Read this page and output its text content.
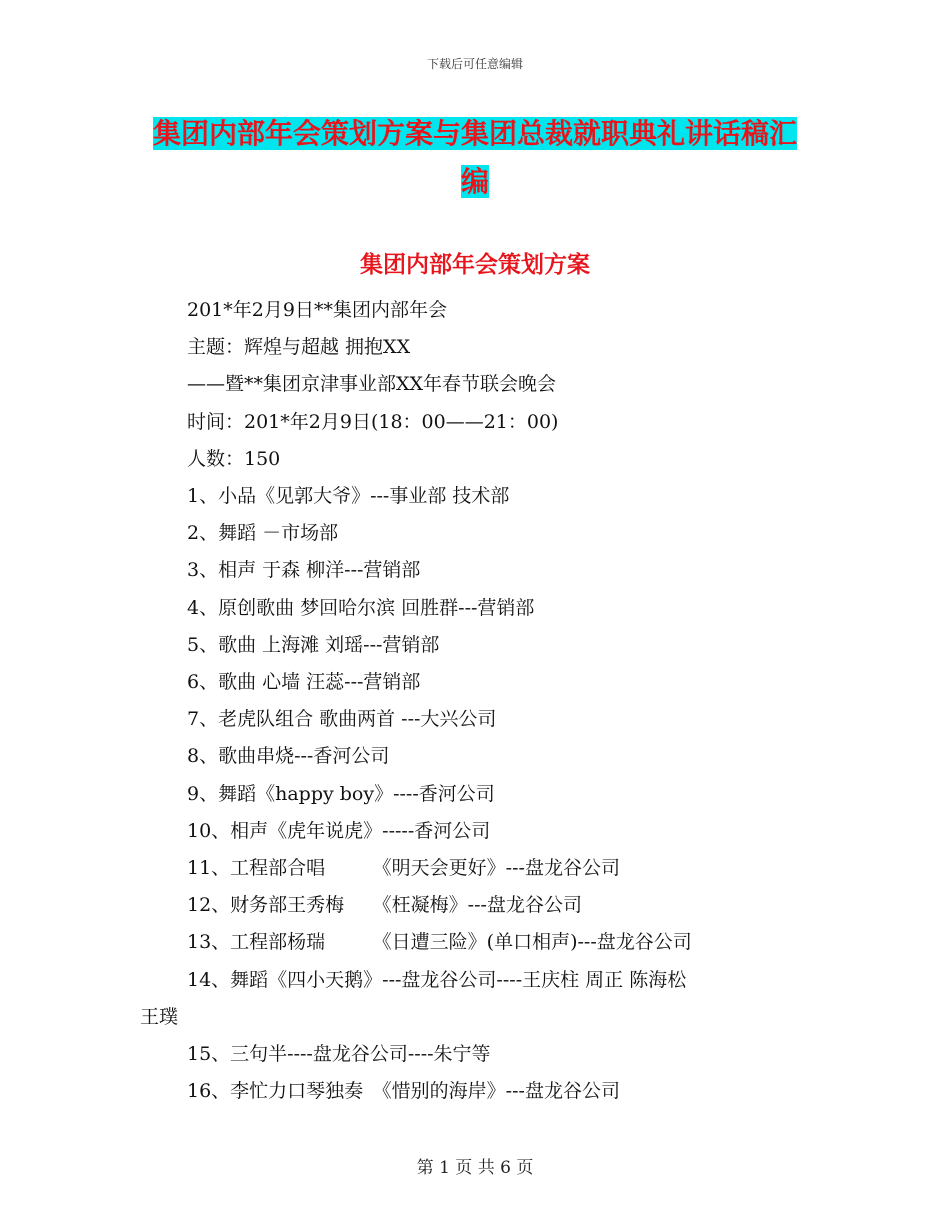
下载后可任意编辑
集团内部年会策划方案与集团总裁就职典礼讲话稿汇
编
集团内部年会策划方案
201*年2月9日**集团内部年会
主题：辉煌与超越 拥抱XX
——暨**集团京津事业部XX年春节联会晚会
时间：201*年2月9日(18：00——21：00)
人数：150
1、小品《见郭大爷》---事业部 技术部
2、舞蹈 －市场部
3、相声 于森 柳洋---营销部
4、原创歌曲 梦回哈尔滨 回胜群---营销部
5、歌曲 上海滩 刘瑶---营销部
6、歌曲 心墙 汪蕊---营销部
7、老虎队组合 歌曲两首 ---大兴公司
8、歌曲串烧---香河公司
9、舞蹈《happy boy》----香河公司
10、相声《虎年说虎》-----香河公司
11、工程部合唱　　　《明天会更好》---盘龙谷公司
12、财务部王秀梅　　《枉凝梅》---盘龙谷公司
13、工程部杨瑞　　　《日遭三险》(单口相声)---盘龙谷公司
14、舞蹈《四小天鹅》---盘龙谷公司----王庆柱 周正 陈海松
王璞
15、三句半----盘龙谷公司----朱宁等
16、李忙力口琴独奏　《惜别的海岸》---盘龙谷公司
第 1 页 共 6 页
